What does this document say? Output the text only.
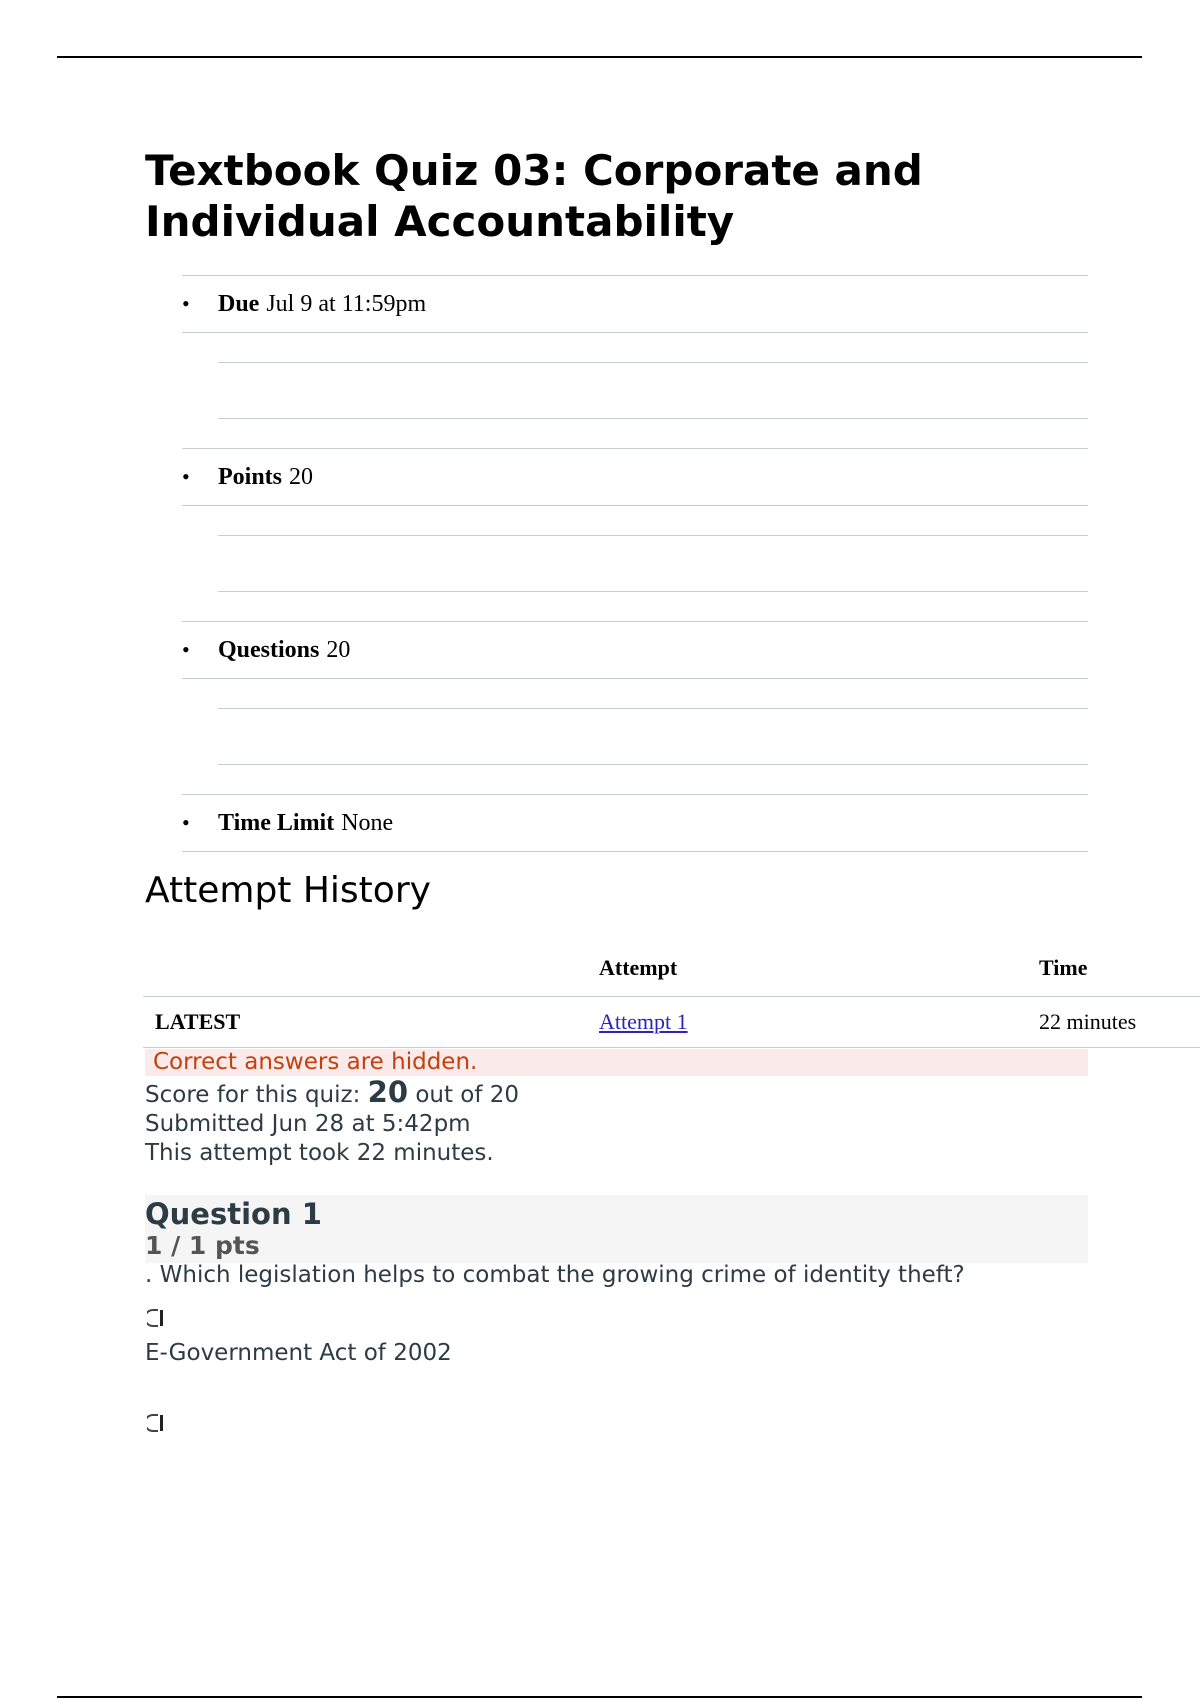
Textbook Quiz 03: Corporate and Individual Accountability
• Due Jul 9 at 11:59pm
• Points 20
• Questions 20
• Time Limit None
Attempt History
	Attempt	Time
LATEST	Attempt 1	22 minutes
Correct answers are hidden.
Score for this quiz: 20 out of 20
Submitted Jun 28 at 5:42pm
This attempt took 22 minutes.
Question 1
1 / 1 pts
. Which legislation helps to combat the growing crime of identity theft?
E-Government Act of 2002
